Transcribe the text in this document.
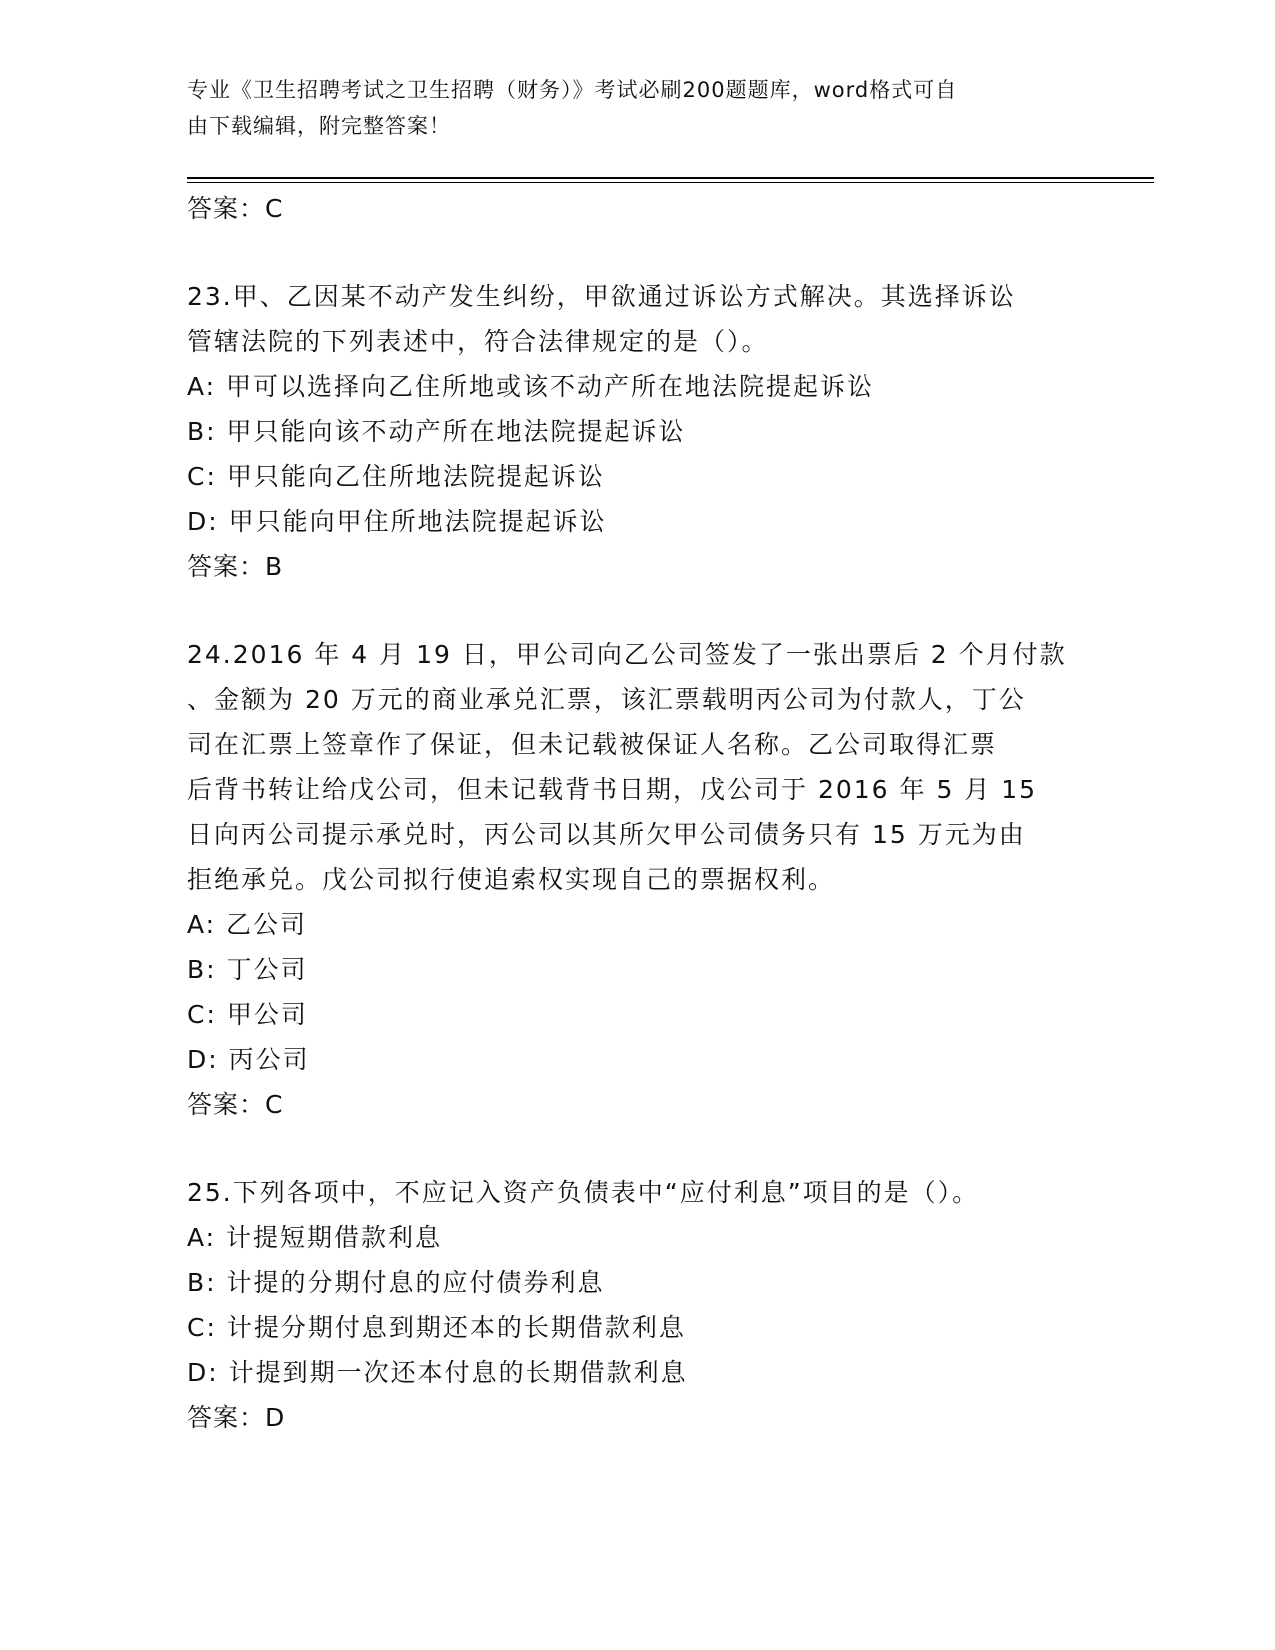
专业《卫生招聘考试之卫生招聘（财务）》考试必刷200题题库，word格式可自
由下载编辑，附完整答案！
答案：C
23.甲、乙因某不动产发生纠纷，甲欲通过诉讼方式解决。其选择诉讼
管辖法院的下列表述中，符合法律规定的是（）。
A: 甲可以选择向乙住所地或该不动产所在地法院提起诉讼
B: 甲只能向该不动产所在地法院提起诉讼
C: 甲只能向乙住所地法院提起诉讼
D: 甲只能向甲住所地法院提起诉讼
答案：B
24.2016 年 4 月 19 日，甲公司向乙公司签发了一张出票后 2 个月付款
、金额为 20 万元的商业承兑汇票，该汇票载明丙公司为付款人，丁公
司在汇票上签章作了保证，但未记载被保证人名称。乙公司取得汇票
后背书转让给戊公司，但未记载背书日期，戊公司于 2016 年 5 月 15
日向丙公司提示承兑时，丙公司以其所欠甲公司债务只有 15 万元为由
拒绝承兑。戊公司拟行使追索权实现自己的票据权利。
A: 乙公司
B: 丁公司
C: 甲公司
D: 丙公司
答案：C
25.下列各项中，不应记入资产负债表中“应付利息”项目的是（）。
A: 计提短期借款利息
B: 计提的分期付息的应付债券利息
C: 计提分期付息到期还本的长期借款利息
D: 计提到期一次还本付息的长期借款利息
答案：D
